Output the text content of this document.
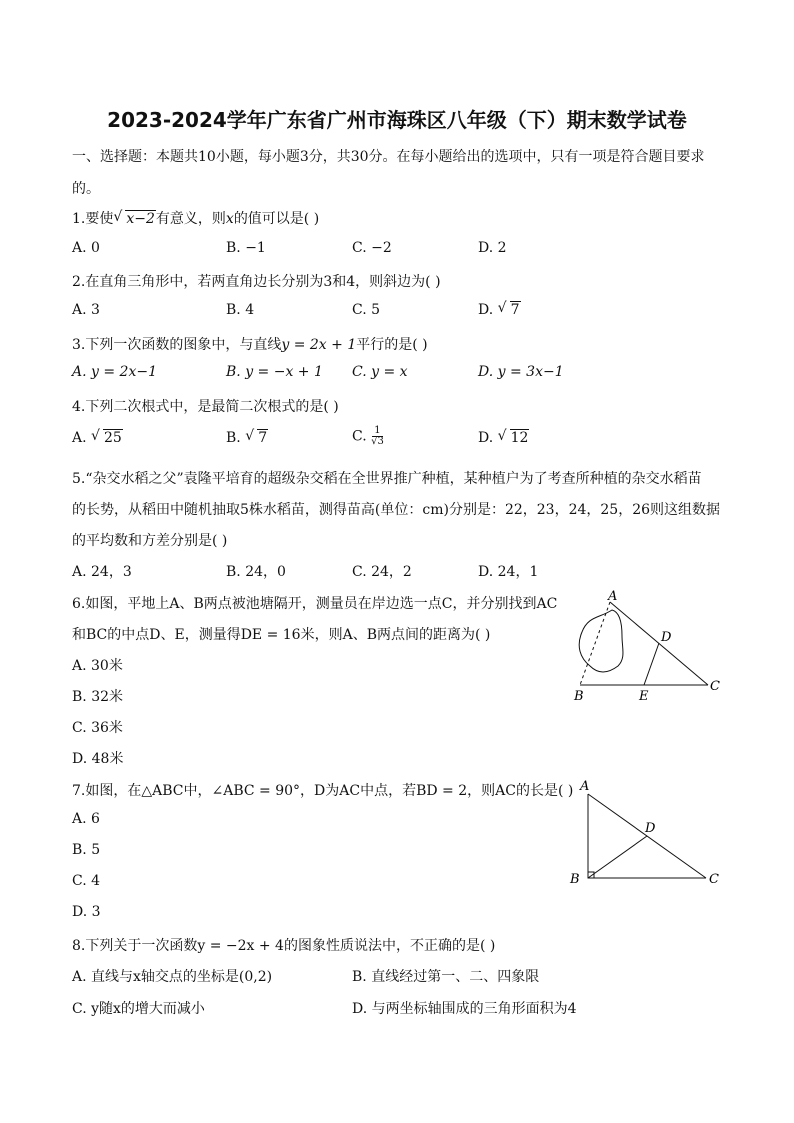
2023-2024学年广东省广州市海珠区八年级（下）期末数学试卷
一、选择题：本题共10小题，每小题3分，共30分。在每小题给出的选项中，只有一项是符合题目要求
的。
1.要使 √ x−2有意义，则x的值可以是( )
A. 0	B. −1	C. −2	D. 2
2.在直角三角形中，若两直角边长分别为3和4，则斜边为( )
A. 3	B. 4	C. 5	D. √ 7
3.下列一次函数的图象中，与直线y = 2x + 1平行的是( )
A. y = 2x−1	B. y = −x + 1 C. y = x	D. y = 3x−1
4.下列二次根式中，是最简二次根式的是( )
A. √ 25	B. √ 7	C. $\frac{1}{√3}$	D. √ 12
5.“杂交水稻之父”袁隆平培育的超级杂交稻在全世界推广种植，某种植户为了考查所种植的杂交水稻苗
的长势，从稻田中随机抽取5株水稻苗，测得苗高(单位：cm)分别是：22，23，24，25，26则这组数据
的平均数和方差分别是( )
A. 24，3	B. 24，0	C. 24，2	D. 24，1
6.如图，平地上A、B两点被池塘隔开，测量员在岸边选一点C，并分别找到AC
和BC的中点D、E，测量得DE = 16米，则A、B两点间的距离为( )
A. 30米
B. 32米
C. 36米
D. 48米
A
B
C
D
E
7.如图，在△ABC中，∠ABC = 90°，D为AC中点，若BD = 2，则AC的长是( )
A. 6
B. 5
C. 4
D. 3
A
B	C
D
8.下列关于一次函数y = −2x + 4的图象性质说法中，不正确的是( )
A. 直线与x轴交点的坐标是(0,2)	B. 直线经过第一、二、四象限
C. y随x的增大而减小	D. 与两坐标轴围成的三角形面积为4
